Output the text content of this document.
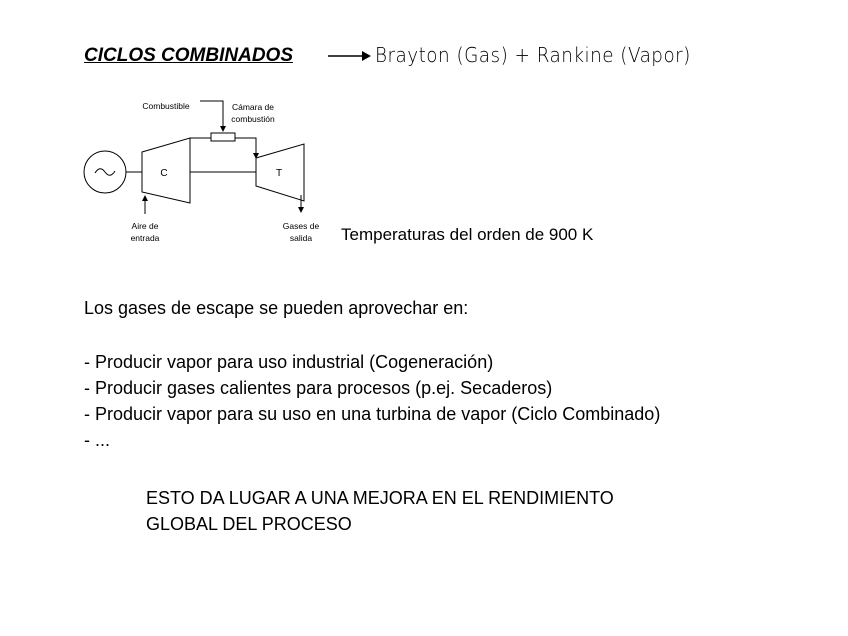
CICLOS COMBINADOS	Brayton (Gas) + Rankine (Vapor)
C	T
Combustible	Cámara de
combustión
Aire de
entrada
Gases de
salida Temperaturas del orden de 900 K
Los gases de escape se pueden aprovechar en:
- Producir vapor para uso industrial (Cogeneración)
- Producir gases calientes para procesos (p.ej. Secaderos)
- Producir vapor para su uso en una turbina de vapor (Ciclo Combinado)
- ...
ESTO DA LUGAR A UNA MEJORA EN EL RENDIMIENTO
GLOBAL DEL PROCESO
